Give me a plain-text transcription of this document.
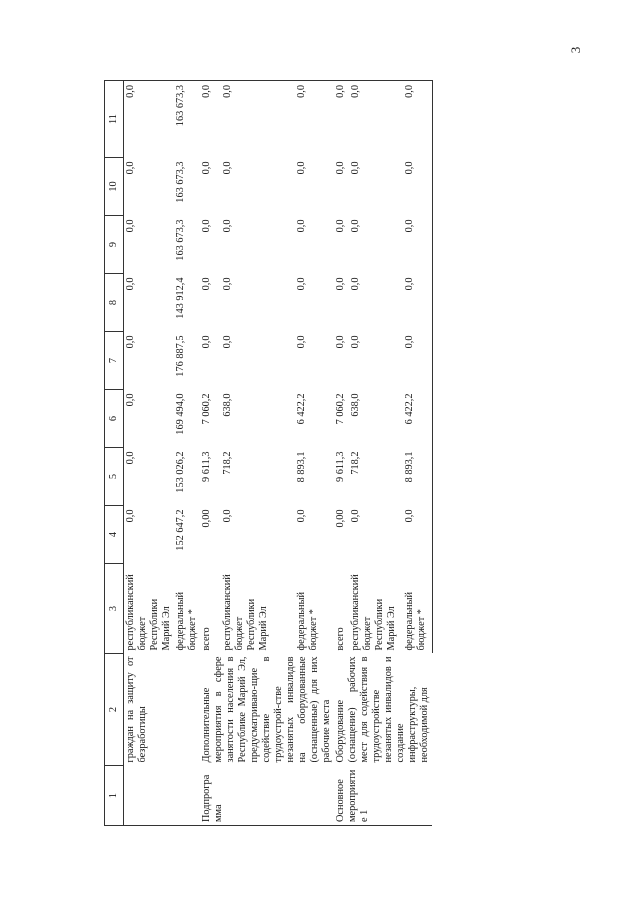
3
1	2	3	4	5	6	7	8	9	10	11
	граждан на защиту от безработицы	республиканский бюджет Республики Марий Эл	0,0	0,0	0,0	0,0	0,0	0,0	0,0	0,0
		федеральный бюджет *	152 647,2	153 026,2	169 494,0	176 887,5	143 912,4	163 673,3	163 673,3	163 673,3
Подпрограмма	Дополнительные мероприятия в сфере занятости населения в Республике Марий Эл, предусматриваю-щие содействие в трудоустрой-стве незанятых инвалидов на оборудованные (оснащенные) для них рабочие места	всего	0,00	9 611,3	7 060,2	0,0	0,0	0,0	0,0	0,0
		республиканский бюджет Республики Марий Эл	0,0	718,2	638,0	0,0	0,0	0,0	0,0	0,0
		федеральный бюджет *	0,0	8 893,1	6 422,2	0,0	0,0	0,0	0,0	0,0
Основное мероприятие 1	Оборудование (оснащение) рабочих мест для содействия в трудоустройстве незанятых инвалидов и создание инфраструктуры, необходимой для	всего	0,00	9 611,3	7 060,2	0,0	0,0	0,0	0,0	0,0
		республиканский бюджет Республики Марий Эл	0,0	718,2	638,0	0,0	0,0	0,0	0,0	0,0
		федеральный бюджет *	0,0	8 893,1	6 422,2	0,0	0,0	0,0	0,0	0,0
